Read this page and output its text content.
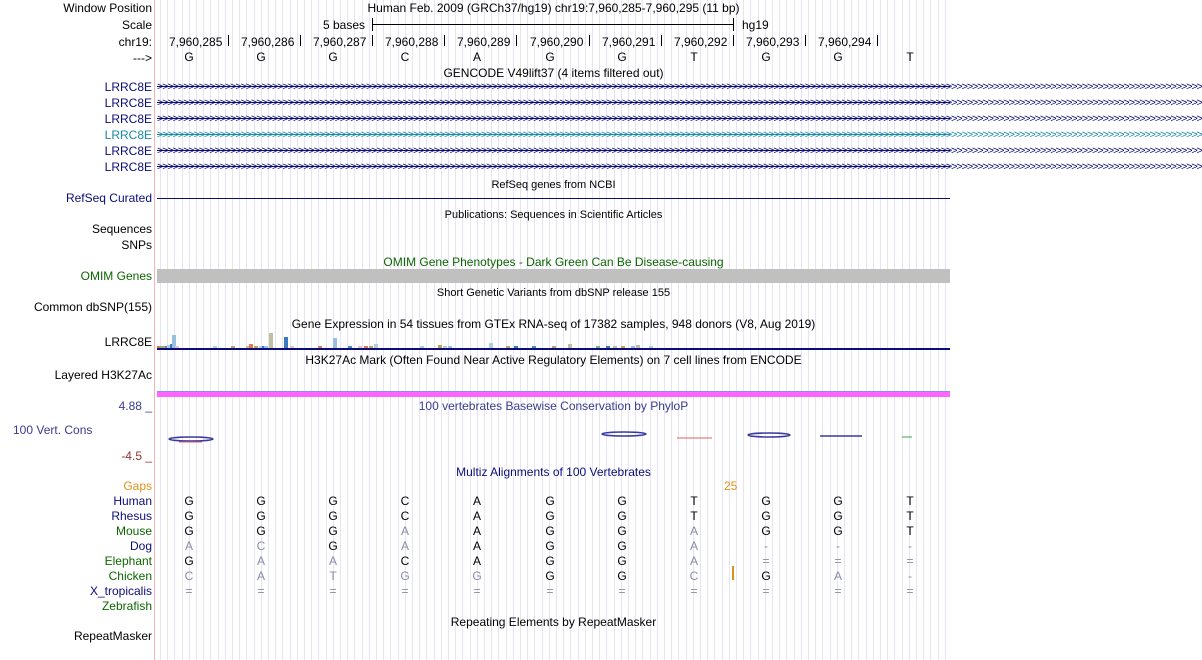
Window Position	Human Feb. 2009 (GRCh37/hg19) chr19:7,960,285-7,960,295 (11 bp)
Scale	5 bases	hg19
chr19: 7,960,285 7,960,286 7,960,287 7,960,288 7,960,289 7,960,290 7,960,291 7,960,292 7,960,293 7,960,294
--->	G	G	G	C	A	G	G	T	G	G	T
GENCODE V49lift37 (4 items filtered out)
LRRC8E >>>>>>>>>>>>>>>>>>>>>>>>>>>>>>>>>>>>>>>>>>>>>>>>>>>>>>>>>>>>>>>>>>>>>>>>>>>>>>>>>>>>>>>>>>>>>>>>>>>>>>>>>>>>>>>>>>>>>>>>>>>>>>>>>>>>>>>>>>>>>>>>>>>>>>>>>>>>>>>>>>>>>>>>>>>>>>>>>>>>>>>>>>>>>>>>>>>>>>>>
LRRC8E >>>>>>>>>>>>>>>>>>>>>>>>>>>>>>>>>>>>>>>>>>>>>>>>>>>>>>>>>>>>>>>>>>>>>>>>>>>>>>>>>>>>>>>>>>>>>>>>>>>>>>>>>>>>>>>>>>>>>>>>>>>>>>>>>>>>>>>>>>>>>>>>>>>>>>>>>>>>>>>>>>>>>>>>>>>>>>>>>>>>>>>>>>>>>>>>>>>>>>>>
LRRC8E >>>>>>>>>>>>>>>>>>>>>>>>>>>>>>>>>>>>>>>>>>>>>>>>>>>>>>>>>>>>>>>>>>>>>>>>>>>>>>>>>>>>>>>>>>>>>>>>>>>>>>>>>>>>>>>>>>>>>>>>>>>>>>>>>>>>>>>>>>>>>>>>>>>>>>>>>>>>>>>>>>>>>>>>>>>>>>>>>>>>>>>>>>>>>>>>>>>>>>>>
LRRC8E >>>>>>>>>>>>>>>>>>>>>>>>>>>>>>>>>>>>>>>>>>>>>>>>>>>>>>>>>>>>>>>>>>>>>>>>>>>>>>>>>>>>>>>>>>>>>>>>>>>>>>>>>>>>>>>>>>>>>>>>>>>>>>>>>>>>>>>>>>>>>>>>>>>>>>>>>>>>>>>>>>>>>>>>>>>>>>>>>>>>>>>>>>>>>>>>>>>>>>>>
LRRC8E >>>>>>>>>>>>>>>>>>>>>>>>>>>>>>>>>>>>>>>>>>>>>>>>>>>>>>>>>>>>>>>>>>>>>>>>>>>>>>>>>>>>>>>>>>>>>>>>>>>>>>>>>>>>>>>>>>>>>>>>>>>>>>>>>>>>>>>>>>>>>>>>>>>>>>>>>>>>>>>>>>>>>>>>>>>>>>>>>>>>>>>>>>>>>>>>>>>>>>>>
LRRC8E >>>>>>>>>>>>>>>>>>>>>>>>>>>>>>>>>>>>>>>>>>>>>>>>>>>>>>>>>>>>>>>>>>>>>>>>>>>>>>>>>>>>>>>>>>>>>>>>>>>>>>>>>>>>>>>>>>>>>>>>>>>>>>>>>>>>>>>>>>>>>>>>>>>>>>>>>>>>>>>>>>>>>>>>>>>>>>>>>>>>>>>>>>>>>>>>>>>>>>>>
RefSeq genes from NCBI
RefSeq Curated
Publications: Sequences in Scientific Articles
Sequences
SNPs
OMIM Gene Phenotypes - Dark Green Can Be Disease-causing
OMIM Genes
Short Genetic Variants from dbSNP release 155
Common dbSNP(155)
Gene Expression in 54 tissues from GTEx RNA-seq of 17382 samples, 948 donors (V8, Aug 2019)
LRRC8E
H3K27Ac Mark (Often Found Near Active Regulatory Elements) on 7 cell lines from ENCODE
Layered H3K27Ac
4.88 _	100 vertebrates Basewise Conservation by PhyloP
100 Vert. Cons
-4.5 _
Multiz Alignments of 100 Vertebrates
Gaps	25
Human	G	G	G	C	A	G	G	T	G	G	T
Rhesus	G	G	G	C	A	G	G	T	G	G	T
Mouse	G	G	G	A	A	G	G	A	G	G	T
Dog	A	C	G	A	A	G	G	A	-	-	-
Elephant	G	A	A	C	A	G	G	A	=	=	=
Chicken	C	A	T	G	G	G	G	C	G	A	-
X_tropicalis	=	=	=	=	=	=	=	=	=	=	=
Zebrafish
Repeating Elements by RepeatMasker
RepeatMasker
